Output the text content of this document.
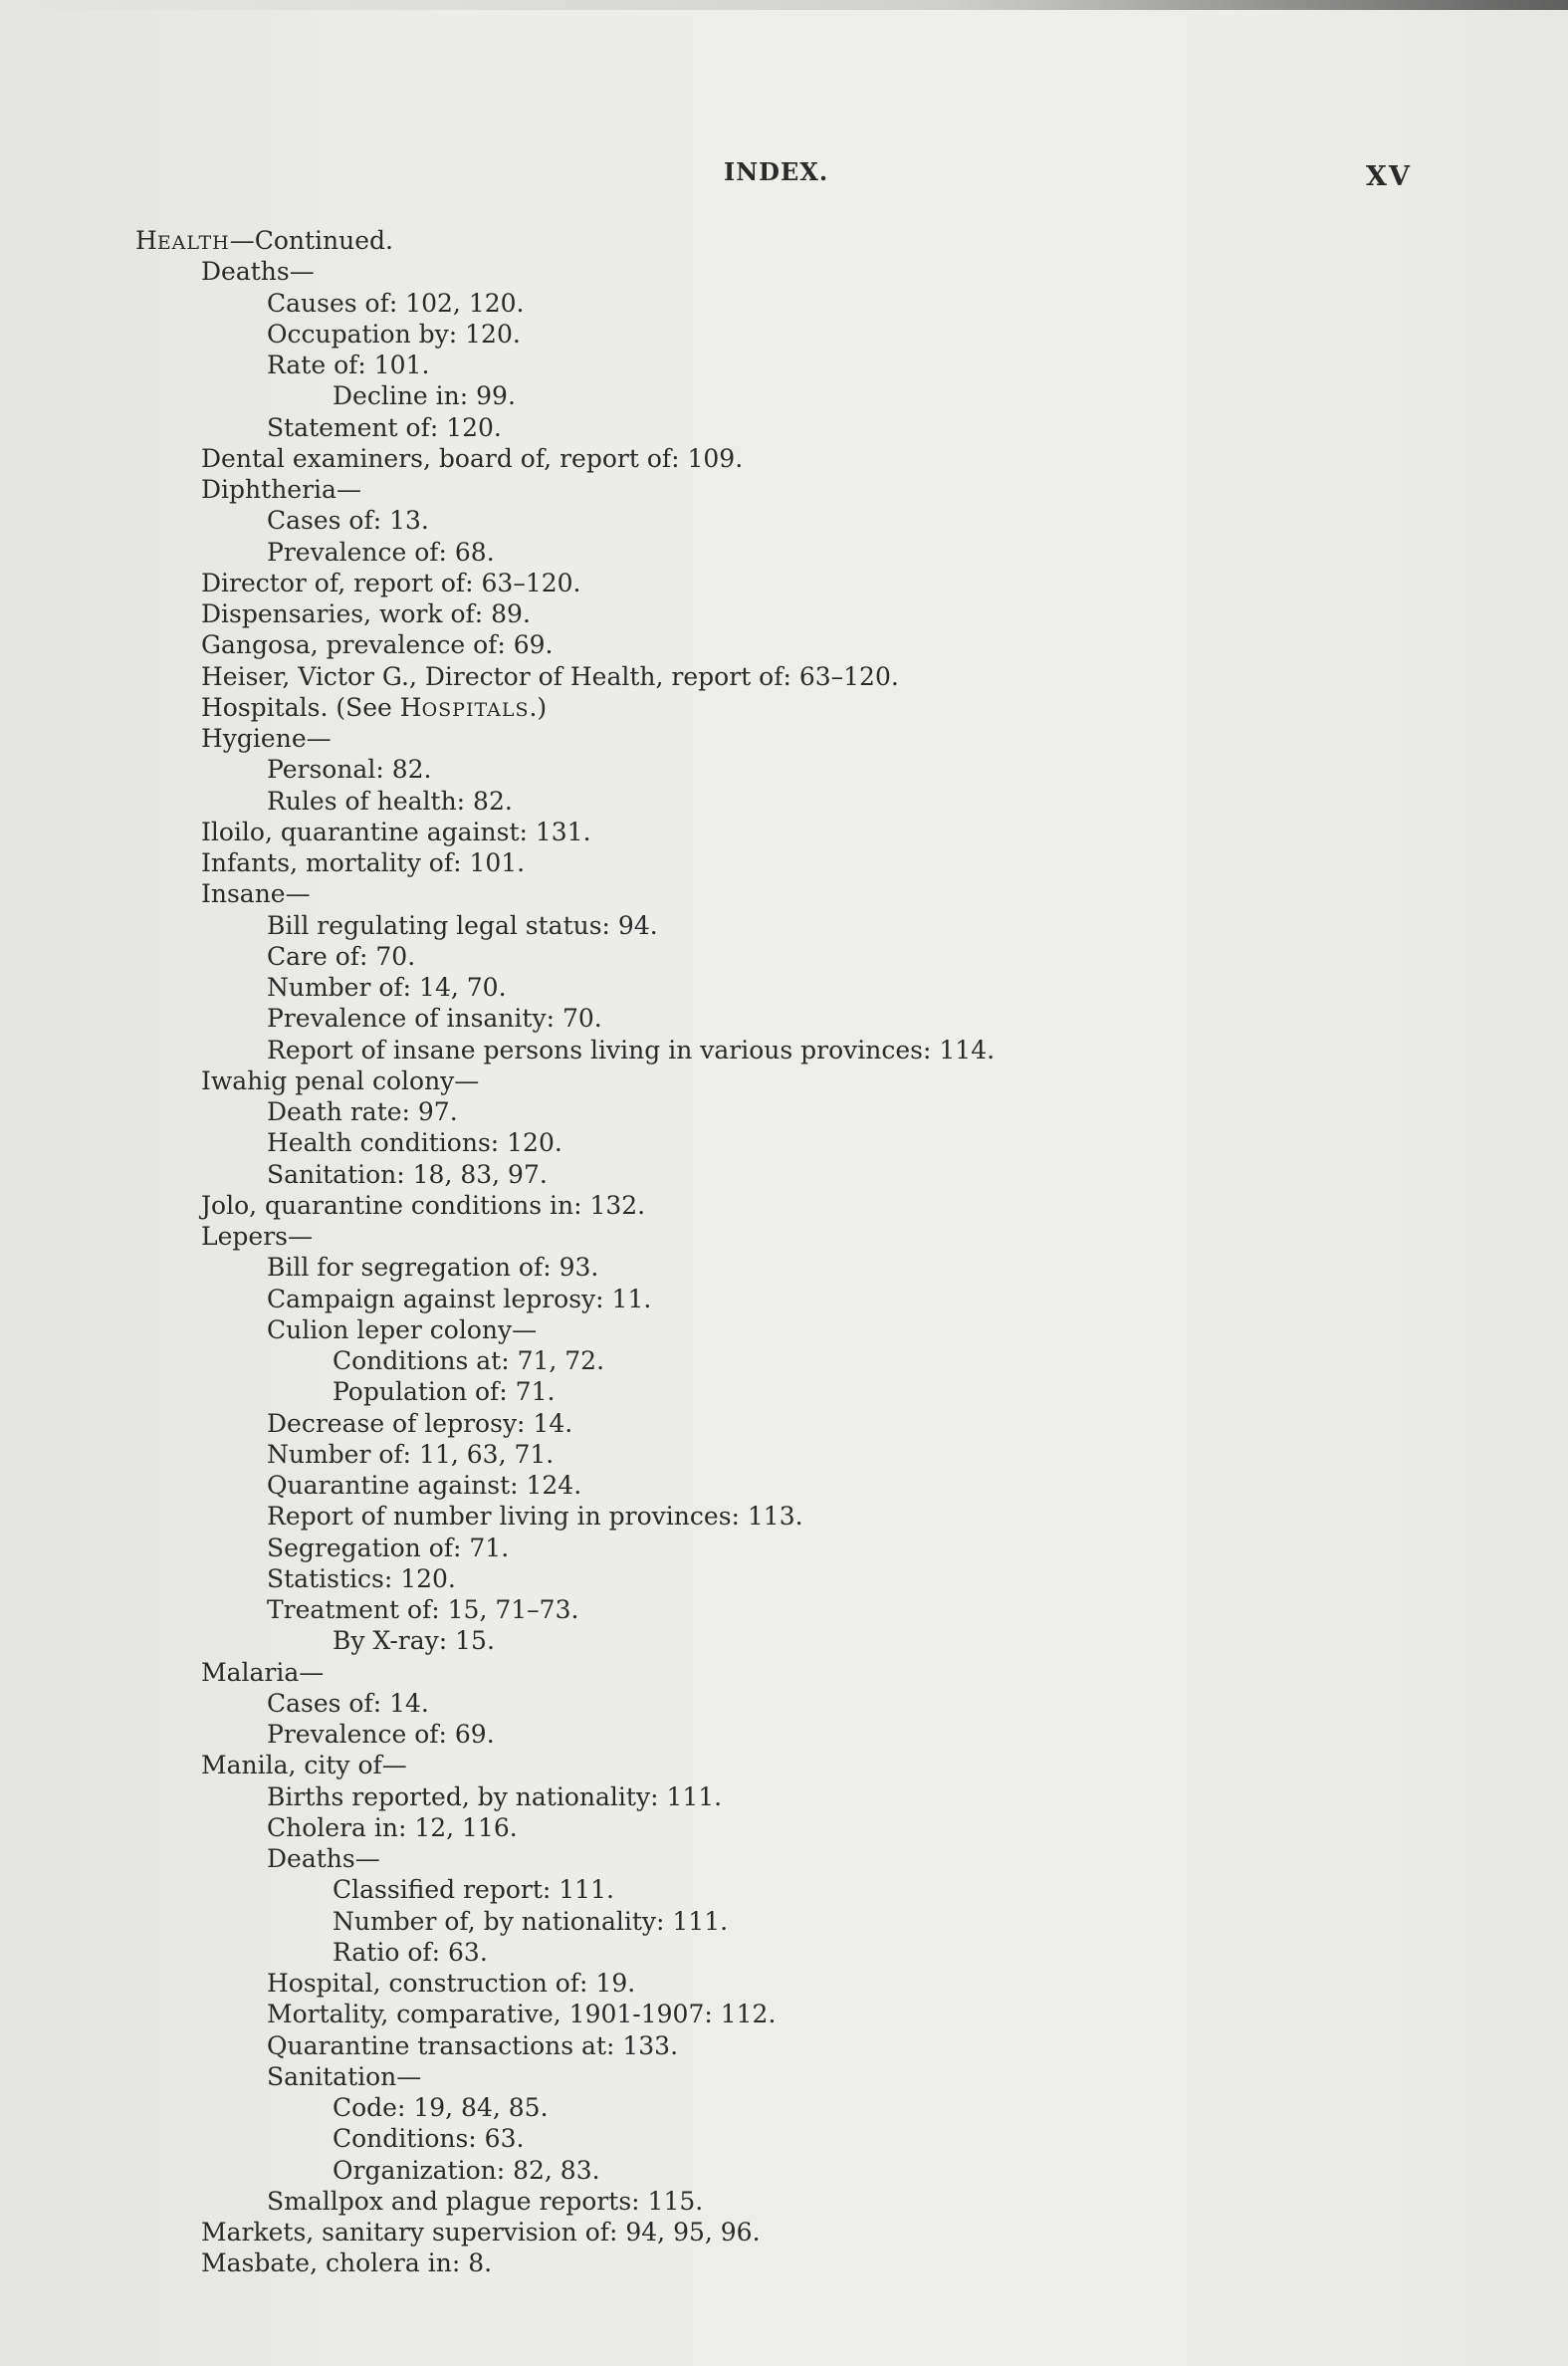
INDEX.	XV
HEALTH—Continued.
Deaths—
Causes of: 102, 120.
Occupation by: 120.
Rate of: 101.
Decline in: 99.
Statement of: 120.
Dental examiners, board of, report of: 109.
Diphtheria—
Cases of: 13.
Prevalence of: 68.
Director of, report of: 63–120.
Dispensaries, work of: 89.
Gangosa, prevalence of: 69.
Heiser, Victor G., Director of Health, report of: 63–120.
Hospitals. (See HOSPITALS.)
Hygiene—
Personal: 82.
Rules of health: 82.
Iloilo, quarantine against: 131.
Infants, mortality of: 101.
Insane—
Bill regulating legal status: 94.
Care of: 70.
Number of: 14, 70.
Prevalence of insanity: 70.
Report of insane persons living in various provinces: 114.
Iwahig penal colony—
Death rate: 97.
Health conditions: 120.
Sanitation: 18, 83, 97.
Jolo, quarantine conditions in: 132.
Lepers—
Bill for segregation of: 93.
Campaign against leprosy: 11.
Culion leper colony—
Conditions at: 71, 72.
Population of: 71.
Decrease of leprosy: 14.
Number of: 11, 63, 71.
Quarantine against: 124.
Report of number living in provinces: 113.
Segregation of: 71.
Statistics: 120.
Treatment of: 15, 71–73.
By X-ray: 15.
Malaria—
Cases of: 14.
Prevalence of: 69.
Manila, city of—
Births reported, by nationality: 111.
Cholera in: 12, 116.
Deaths—
Classified report: 111.
Number of, by nationality: 111.
Ratio of: 63.
Hospital, construction of: 19.
Mortality, comparative, 1901-1907: 112.
Quarantine transactions at: 133.
Sanitation—
Code: 19, 84, 85.
Conditions: 63.
Organization: 82, 83.
Smallpox and plague reports: 115.
Markets, sanitary supervision of: 94, 95, 96.
Masbate, cholera in: 8.
